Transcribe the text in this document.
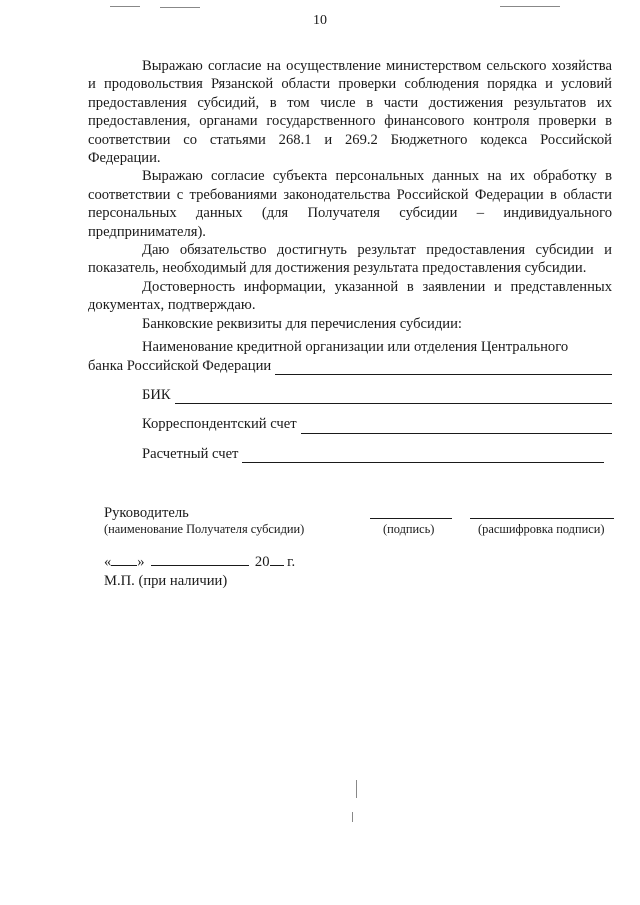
10

Выражаю согласие на осуществление министерством сельского хозяйства и продовольствия Рязанской области проверки соблюдения порядка и условий предоставления субсидий, в том числе в части достижения результатов их предоставления, органами государственного финансового контроля проверки в соответствии со статьями 268.1 и 269.2 Бюджетного кодекса Российской Федерации.

Выражаю согласие субъекта персональных данных на их обработку в соответствии с требованиями законодательства Российской Федерации в области персональных данных (для Получателя субсидии – индивидуального предпринимателя).

Даю обязательство достигнуть результат предоставления субсидии и показатель, необходимый для достижения результата предоставления субсидии.

Достоверность информации, указанной в заявлении и представленных документах, подтверждаю.

Банковские реквизиты для перечисления субсидии:

Наименование кредитной организации или отделения Центрального

банка Российской Федерации
БИК
Корреспондентский счет
Расчетный счет
Руководитель
(наименование Получателя субсидии)	(подпись)	(расшифровка подписи)
« »	20 г.
М.П. (при наличии)
